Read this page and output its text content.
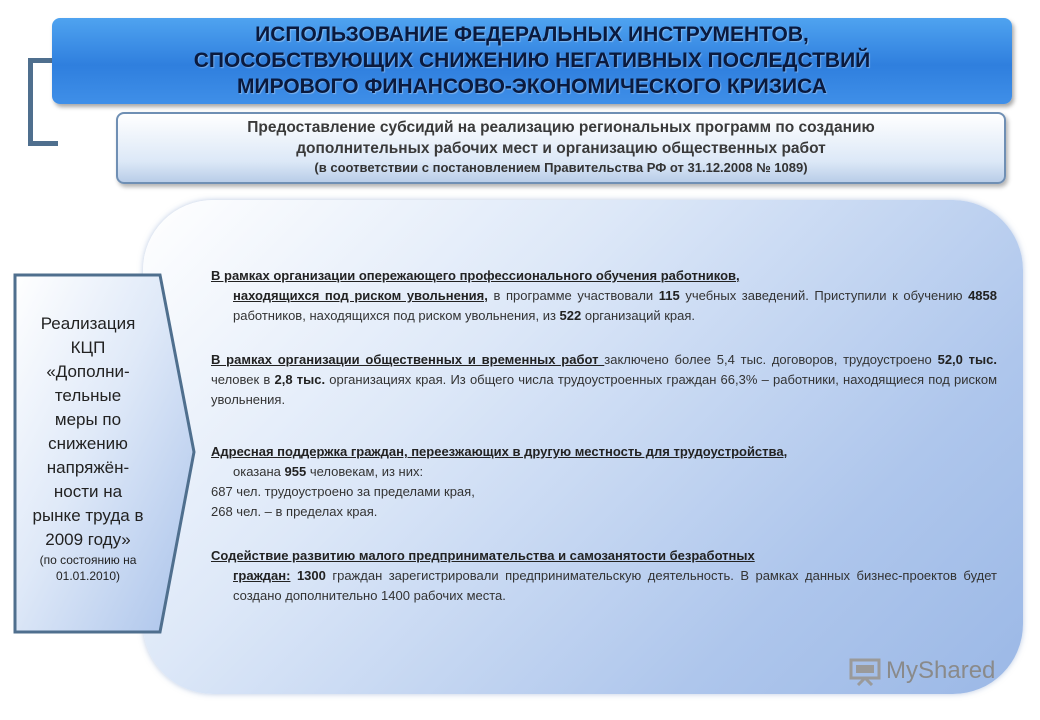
ИСПОЛЬЗОВАНИЕ ФЕДЕРАЛЬНЫХ ИНСТРУМЕНТОВ,
СПОСОБСТВУЮЩИХ СНИЖЕНИЮ НЕГАТИВНЫХ ПОСЛЕДСТВИЙ
МИРОВОГО ФИНАНСОВО-ЭКОНОМИЧЕСКОГО КРИЗИСА
Предоставление субсидий на реализацию региональных программ по созданию
дополнительных рабочих мест и организацию общественных работ
(в соответствии с постановлением Правительства РФ от 31.12.2008 № 1089)
Реализация
КЦП
«Дополни-
тельные
меры по
снижению
напряжён-
ности на
рынке труда в
2009 году»
(по состоянию на
01.01.2010)
В рамках организации опережающего профессионального обучения работников,
находящихся под риском увольнения, в программе участвовали 115 учебных заведений. Приступили к обучению 4858 работников, находящихся под риском увольнения, из 522 организаций края.
В рамках организации общественных и временных работ заключено более 5,4 тыс. договоров, трудоустроено 52,0 тыс. человек в 2,8 тыс. организациях края. Из общего числа трудоустроенных граждан 66,3% – работники, находящиеся под риском увольнения.
Адресная поддержка граждан, переезжающих в другую местность для трудоустройства,
оказана 955 человекам, из них:
687 чел. трудоустроено за пределами края,
268 чел. – в пределах края.
Содействие развитию малого предпринимательства и самозанятости безработных
граждан: 1300 граждан зарегистрировали предпринимательскую деятельность. В рамках данных бизнес-проектов будет создано дополнительно 1400 рабочих места.
MyShared
